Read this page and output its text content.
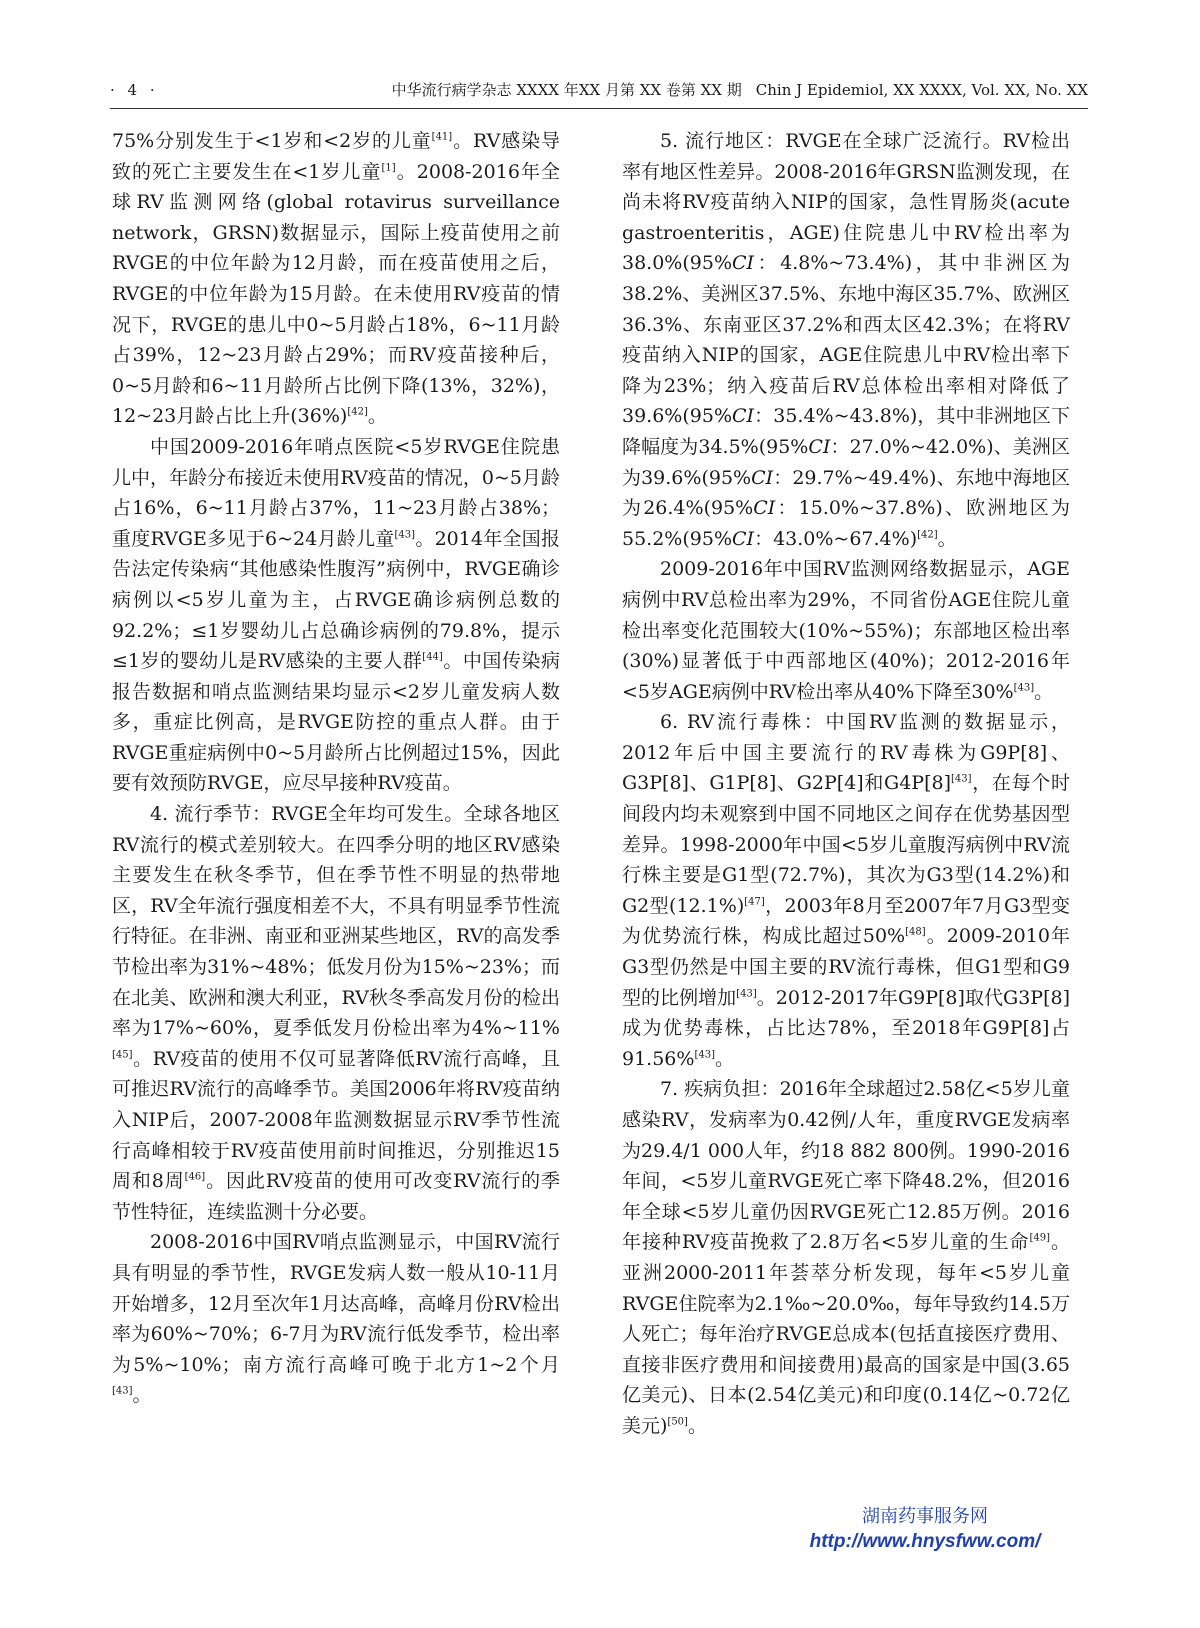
· 4 ·	中华流行病学杂志 XXXX 年XX 月第 XX 卷第 XX 期 Chin J Epidemiol, XX XXXX, Vol. XX, No. XX

75%分别发生于<1岁和<2岁的儿童[41]。RV感染导致的死亡主要发生在<1岁儿童[1]。2008-2016年全球RV监测网络(global rotavirus surveillance network，GRSN)数据显示，国际上疫苗使用之前RVGE的中位年龄为12月龄，而在疫苗使用之后，RVGE的中位年龄为15月龄。在未使用RV疫苗的情况下，RVGE的患儿中0~5月龄占18%，6~11月龄占39%，12~23月龄占29%；而RV疫苗接种后，0~5月龄和6~11月龄所占比例下降(13%，32%)，12~23月龄占比上升(36%)[42]。

中国2009-2016年哨点医院<5岁RVGE住院患儿中，年龄分布接近未使用RV疫苗的情况，0~5月龄占16%，6~11月龄占37%，11~23月龄占38%；重度RVGE多见于6~24月龄儿童[43]。2014年全国报告法定传染病“其他感染性腹泻”病例中，RVGE确诊病例以<5岁儿童为主，占RVGE确诊病例总数的92.2%；≤1岁婴幼儿占总确诊病例的79.8%，提示≤1岁的婴幼儿是RV感染的主要人群[44]。中国传染病报告数据和哨点监测结果均显示<2岁儿童发病人数多，重症比例高，是RVGE防控的重点人群。由于RVGE重症病例中0~5月龄所占比例超过15%，因此要有效预防RVGE，应尽早接种RV疫苗。

4. 流行季节：RVGE全年均可发生。全球各地区RV流行的模式差别较大。在四季分明的地区RV感染主要发生在秋冬季节，但在季节性不明显的热带地区，RV全年流行强度相差不大，不具有明显季节性流行特征。在非洲、南亚和亚洲某些地区，RV的高发季节检出率为31%~48%；低发月份为15%~23%；而在北美、欧洲和澳大利亚，RV秋冬季高发月份的检出率为17%~60%，夏季低发月份检出率为4%~11%[45]。RV疫苗的使用不仅可显著降低RV流行高峰，且可推迟RV流行的高峰季节。美国2006年将RV疫苗纳入NIP后，2007-2008年监测数据显示RV季节性流行高峰相较于RV疫苗使用前时间推迟，分别推迟15周和8周[46]。因此RV疫苗的使用可改变RV流行的季节性特征，连续监测十分必要。

2008-2016中国RV哨点监测显示，中国RV流行具有明显的季节性，RVGE发病人数一般从10-11月开始增多，12月至次年1月达高峰，高峰月份RV检出率为60%~70%；6-7月为RV流行低发季节，检出率为5%~10%；南方流行高峰可晚于北方1~2个月[43]。

5. 流行地区：RVGE在全球广泛流行。RV检出率有地区性差异。2008-2016年GRSN监测发现，在尚未将RV疫苗纳入NIP的国家，急性胃肠炎(acute gastroenteritis，AGE)住院患儿中RV检出率为38.0%(95%CI：4.8%~73.4%)，其中非洲区为38.2%、美洲区37.5%、东地中海区35.7%、欧洲区36.3%、东南亚区37.2%和西太区42.3%；在将RV疫苗纳入NIP的国家，AGE住院患儿中RV检出率下降为23%；纳入疫苗后RV总体检出率相对降低了39.6%(95%CI：35.4%~43.8%)，其中非洲地区下降幅度为34.5%(95%CI：27.0%~42.0%)、美洲区为39.6%(95%CI：29.7%~49.4%)、东地中海地区为26.4%(95%CI：15.0%~37.8%)、欧洲地区为55.2%(95%CI：43.0%~67.4%)[42]。

2009-2016年中国RV监测网络数据显示，AGE病例中RV总检出率为29%，不同省份AGE住院儿童检出率变化范围较大(10%~55%)；东部地区检出率(30%)显著低于中西部地区(40%)；2012-2016年<5岁AGE病例中RV检出率从40%下降至30%[43]。

6. RV流行毒株：中国RV监测的数据显示，2012年后中国主要流行的RV毒株为G9P[8]、G3P[8]、G1P[8]、G2P[4]和G4P[8][43]，在每个时间段内均未观察到中国不同地区之间存在优势基因型差异。1998-2000年中国<5岁儿童腹泻病例中RV流行株主要是G1型(72.7%)，其次为G3型(14.2%)和G2型(12.1%)[47]，2003年8月至2007年7月G3型变为优势流行株，构成比超过50%[48]。2009-2010年G3型仍然是中国主要的RV流行毒株，但G1型和G9型的比例增加[43]。2012-2017年G9P[8]取代G3P[8]成为优势毒株，占比达78%，至2018年G9P[8]占91.56%[43]。

7. 疾病负担：2016年全球超过2.58亿<5岁儿童感染RV，发病率为0.42例/人年，重度RVGE发病率为29.4/1 000人年，约18 882 800例。1990-2016年间，<5岁儿童RVGE死亡率下降48.2%，但2016年全球<5岁儿童仍因RVGE死亡12.85万例。2016年接种RV疫苗挽救了2.8万名<5岁儿童的生命[49]。亚洲2000-2011年荟萃分析发现，每年<5岁儿童RVGE住院率为2.1‰~20.0‰，每年导致约14.5万人死亡；每年治疗RVGE总成本(包括直接医疗费用、直接非医疗费用和间接费用)最高的国家是中国(3.65亿美元)、日本(2.54亿美元)和印度(0.14亿~0.72亿美元)[50]。

湖南药事服务网
http://www.hnysfww.com/
